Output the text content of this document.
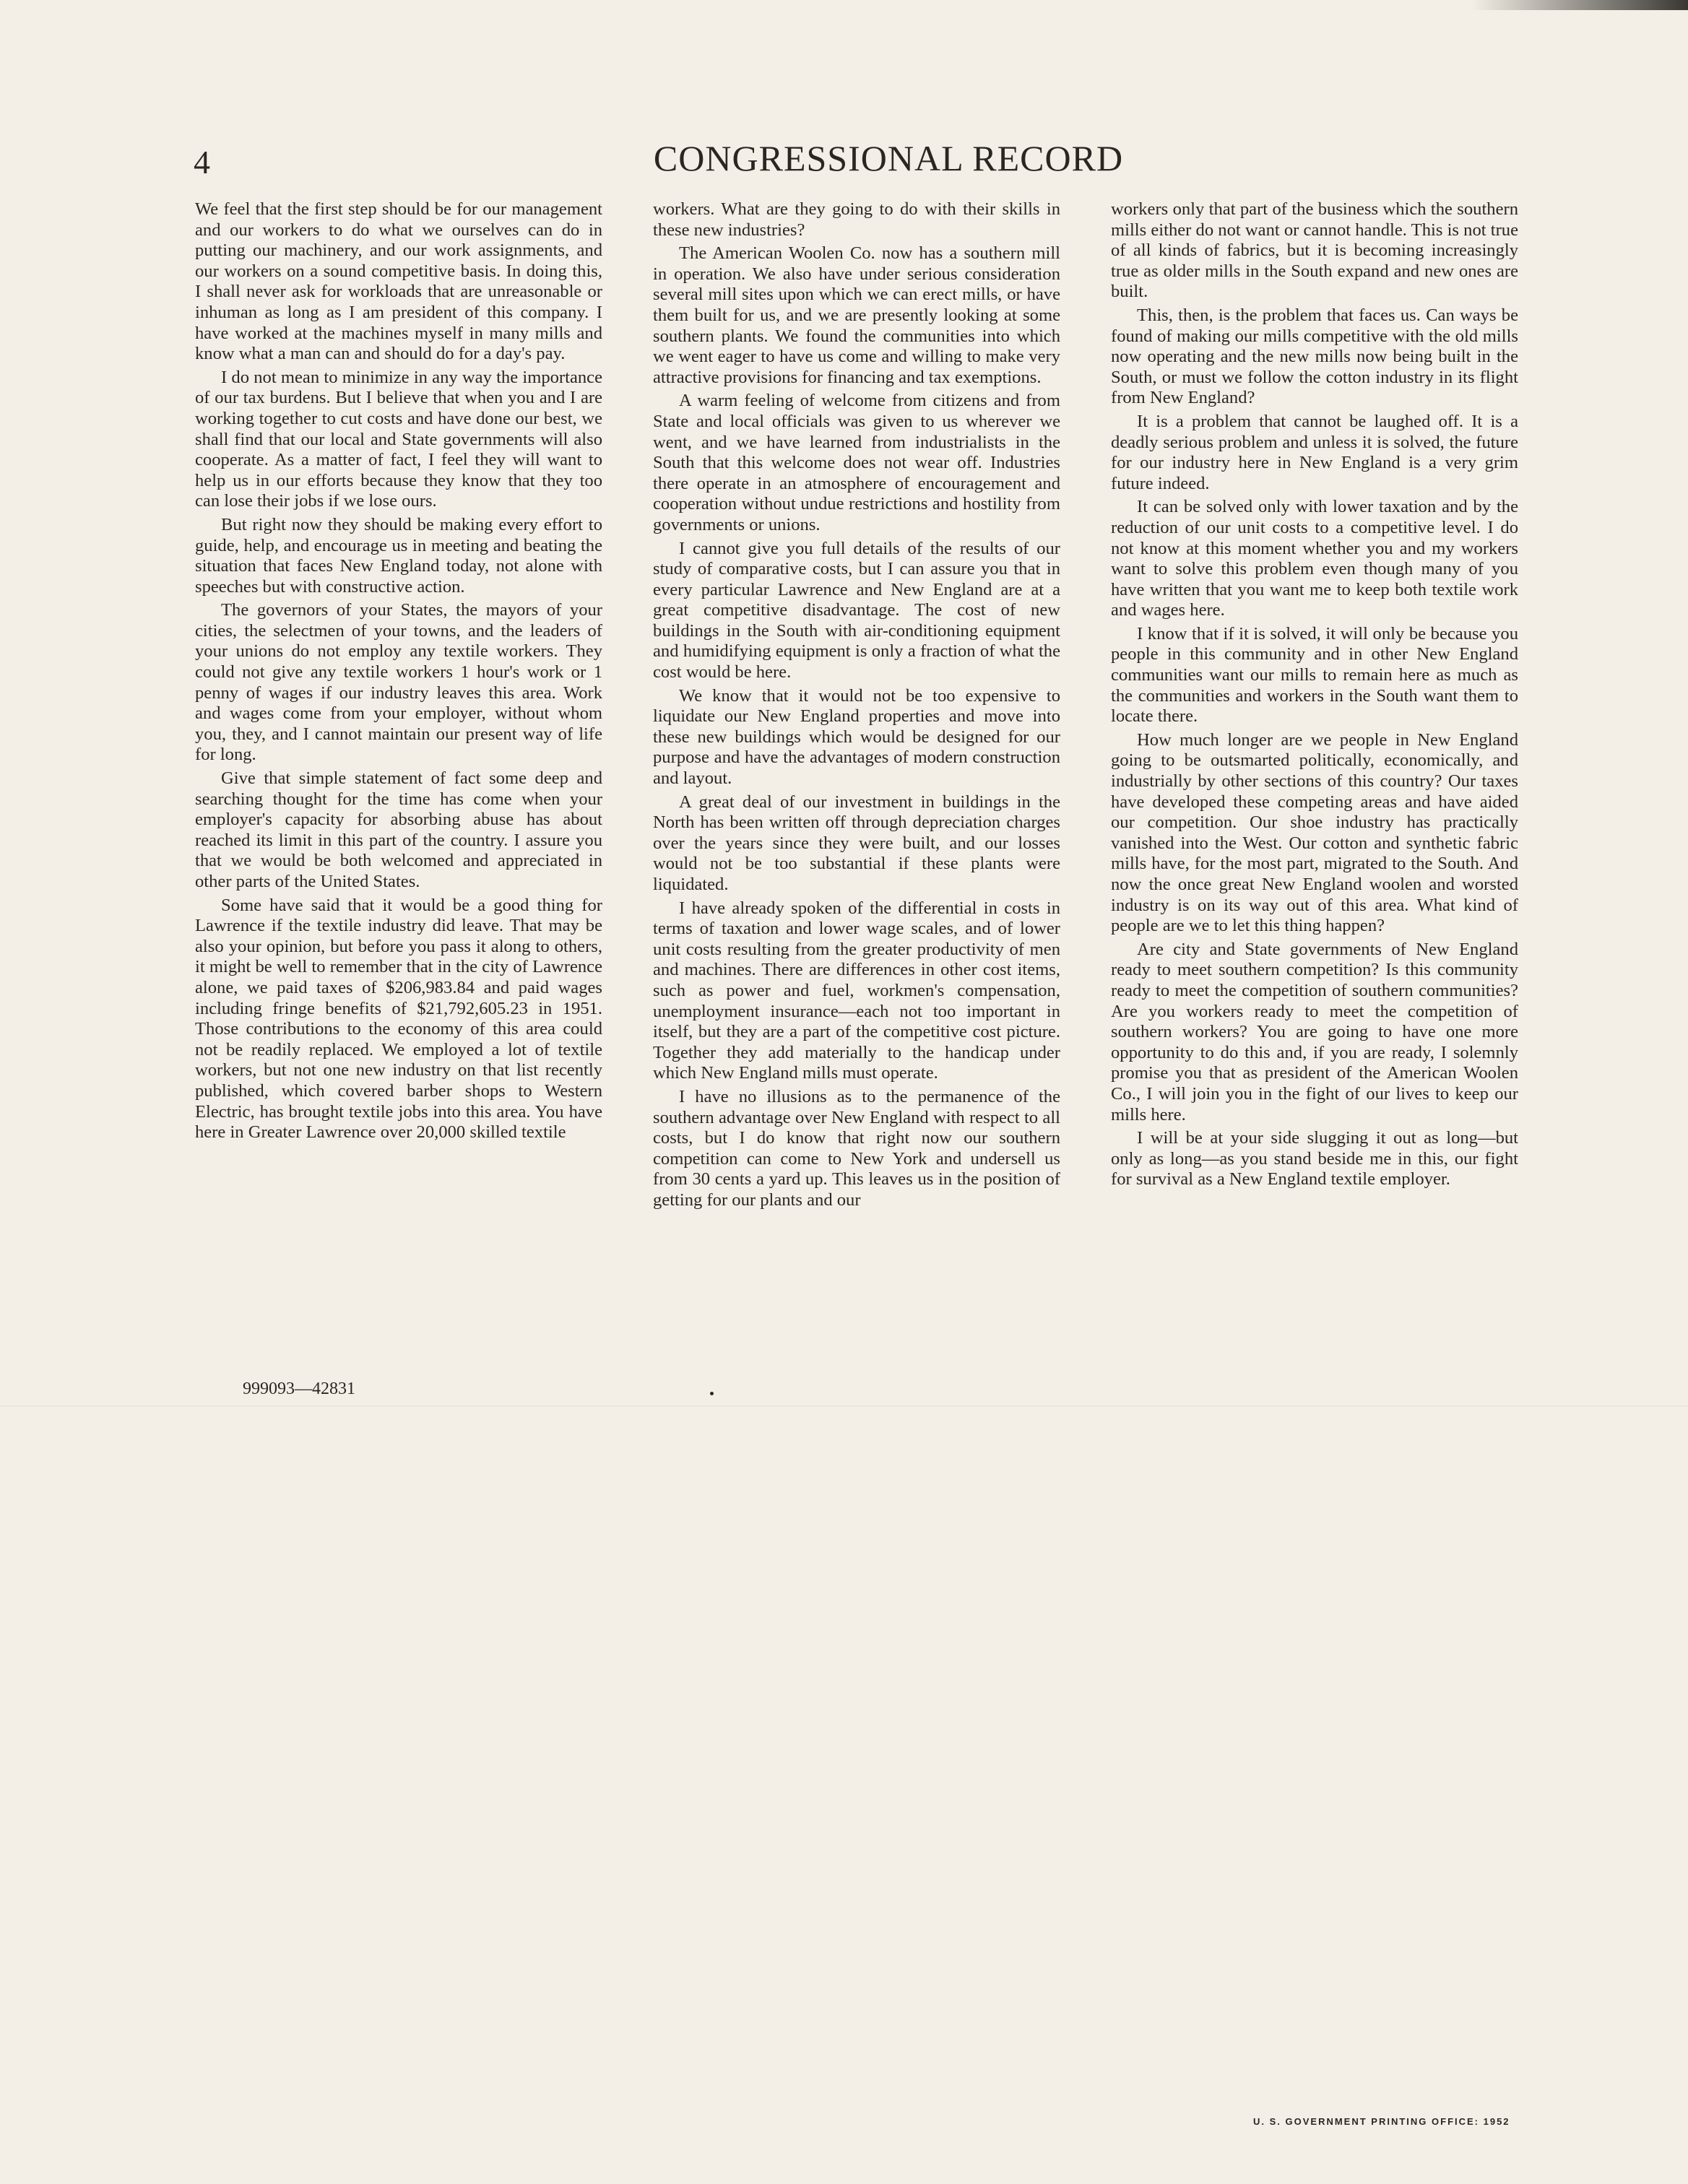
4	CONGRESSIONAL RECORD

We feel that the first step should be for our management and our workers to do what we ourselves can do in putting our machinery, and our work assignments, and our workers on a sound competitive basis. In doing this, I shall never ask for workloads that are unreasonable or inhuman as long as I am president of this company. I have worked at the machines myself in many mills and know what a man can and should do for a day's pay.

I do not mean to minimize in any way the importance of our tax burdens. But I believe that when you and I are working together to cut costs and have done our best, we shall find that our local and State governments will also cooperate. As a matter of fact, I feel they will want to help us in our efforts because they know that they too can lose their jobs if we lose ours.

But right now they should be making every effort to guide, help, and encourage us in meeting and beating the situation that faces New England today, not alone with speeches but with constructive action.

The governors of your States, the mayors of your cities, the selectmen of your towns, and the leaders of your unions do not employ any textile workers. They could not give any textile workers 1 hour's work or 1 penny of wages if our industry leaves this area. Work and wages come from your employer, without whom you, they, and I cannot maintain our present way of life for long.

Give that simple statement of fact some deep and searching thought for the time has come when your employer's capacity for absorbing abuse has about reached its limit in this part of the country. I assure you that we would be both welcomed and appreciated in other parts of the United States.

Some have said that it would be a good thing for Lawrence if the textile industry did leave. That may be also your opinion, but before you pass it along to others, it might be well to remember that in the city of Lawrence alone, we paid taxes of $206,983.84 and paid wages including fringe benefits of $21,792,605.23 in 1951. Those contributions to the economy of this area could not be readily replaced. We employed a lot of textile workers, but not one new industry on that list recently published, which covered barber shops to Western Electric, has brought textile jobs into this area. You have here in Greater Lawrence over 20,000 skilled textile

workers. What are they going to do with their skills in these new industries?

The American Woolen Co. now has a southern mill in operation. We also have under serious consideration several mill sites upon which we can erect mills, or have them built for us, and we are presently looking at some southern plants. We found the communities into which we went eager to have us come and willing to make very attractive provisions for financing and tax exemptions.

A warm feeling of welcome from citizens and from State and local officials was given to us wherever we went, and we have learned from industrialists in the South that this welcome does not wear off. Industries there operate in an atmosphere of encouragement and cooperation without undue restrictions and hostility from governments or unions.

I cannot give you full details of the results of our study of comparative costs, but I can assure you that in every particular Lawrence and New England are at a great competitive disadvantage. The cost of new buildings in the South with air-conditioning equipment and humidifying equipment is only a fraction of what the cost would be here.

We know that it would not be too expensive to liquidate our New England properties and move into these new buildings which would be designed for our purpose and have the advantages of modern construction and layout.

A great deal of our investment in buildings in the North has been written off through depreciation charges over the years since they were built, and our losses would not be too substantial if these plants were liquidated.

I have already spoken of the differential in costs in terms of taxation and lower wage scales, and of lower unit costs resulting from the greater productivity of men and machines. There are differences in other cost items, such as power and fuel, workmen's compensation, unemployment insurance—each not too important in itself, but they are a part of the competitive cost picture. Together they add materially to the handicap under which New England mills must operate.

I have no illusions as to the permanence of the southern advantage over New England with respect to all costs, but I do know that right now our southern competition can come to New York and undersell us from 30 cents a yard up. This leaves us in the position of getting for our plants and our

workers only that part of the business which the southern mills either do not want or cannot handle. This is not true of all kinds of fabrics, but it is becoming increasingly true as older mills in the South expand and new ones are built.

This, then, is the problem that faces us. Can ways be found of making our mills competitive with the old mills now operating and the new mills now being built in the South, or must we follow the cotton industry in its flight from New England?

It is a problem that cannot be laughed off. It is a deadly serious problem and unless it is solved, the future for our industry here in New England is a very grim future indeed.

It can be solved only with lower taxation and by the reduction of our unit costs to a competitive level. I do not know at this moment whether you and my workers want to solve this problem even though many of you have written that you want me to keep both textile work and wages here.

I know that if it is solved, it will only be because you people in this community and in other New England communities want our mills to remain here as much as the communities and workers in the South want them to locate there.

How much longer are we people in New England going to be outsmarted politically, economically, and industrially by other sections of this country? Our taxes have developed these competing areas and have aided our competition. Our shoe industry has practically vanished into the West. Our cotton and synthetic fabric mills have, for the most part, migrated to the South. And now the once great New England woolen and worsted industry is on its way out of this area. What kind of people are we to let this thing happen?

Are city and State governments of New England ready to meet southern competition? Is this community ready to meet the competition of southern communities? Are you workers ready to meet the competition of southern workers? You are going to have one more opportunity to do this and, if you are ready, I solemnly promise you that as president of the American Woolen Co., I will join you in the fight of our lives to keep our mills here.

I will be at your side slugging it out as long—but only as long—as you stand beside me in this, our fight for survival as a New England textile employer.

999093—42831

U. S. GOVERNMENT PRINTING OFFICE: 1952
